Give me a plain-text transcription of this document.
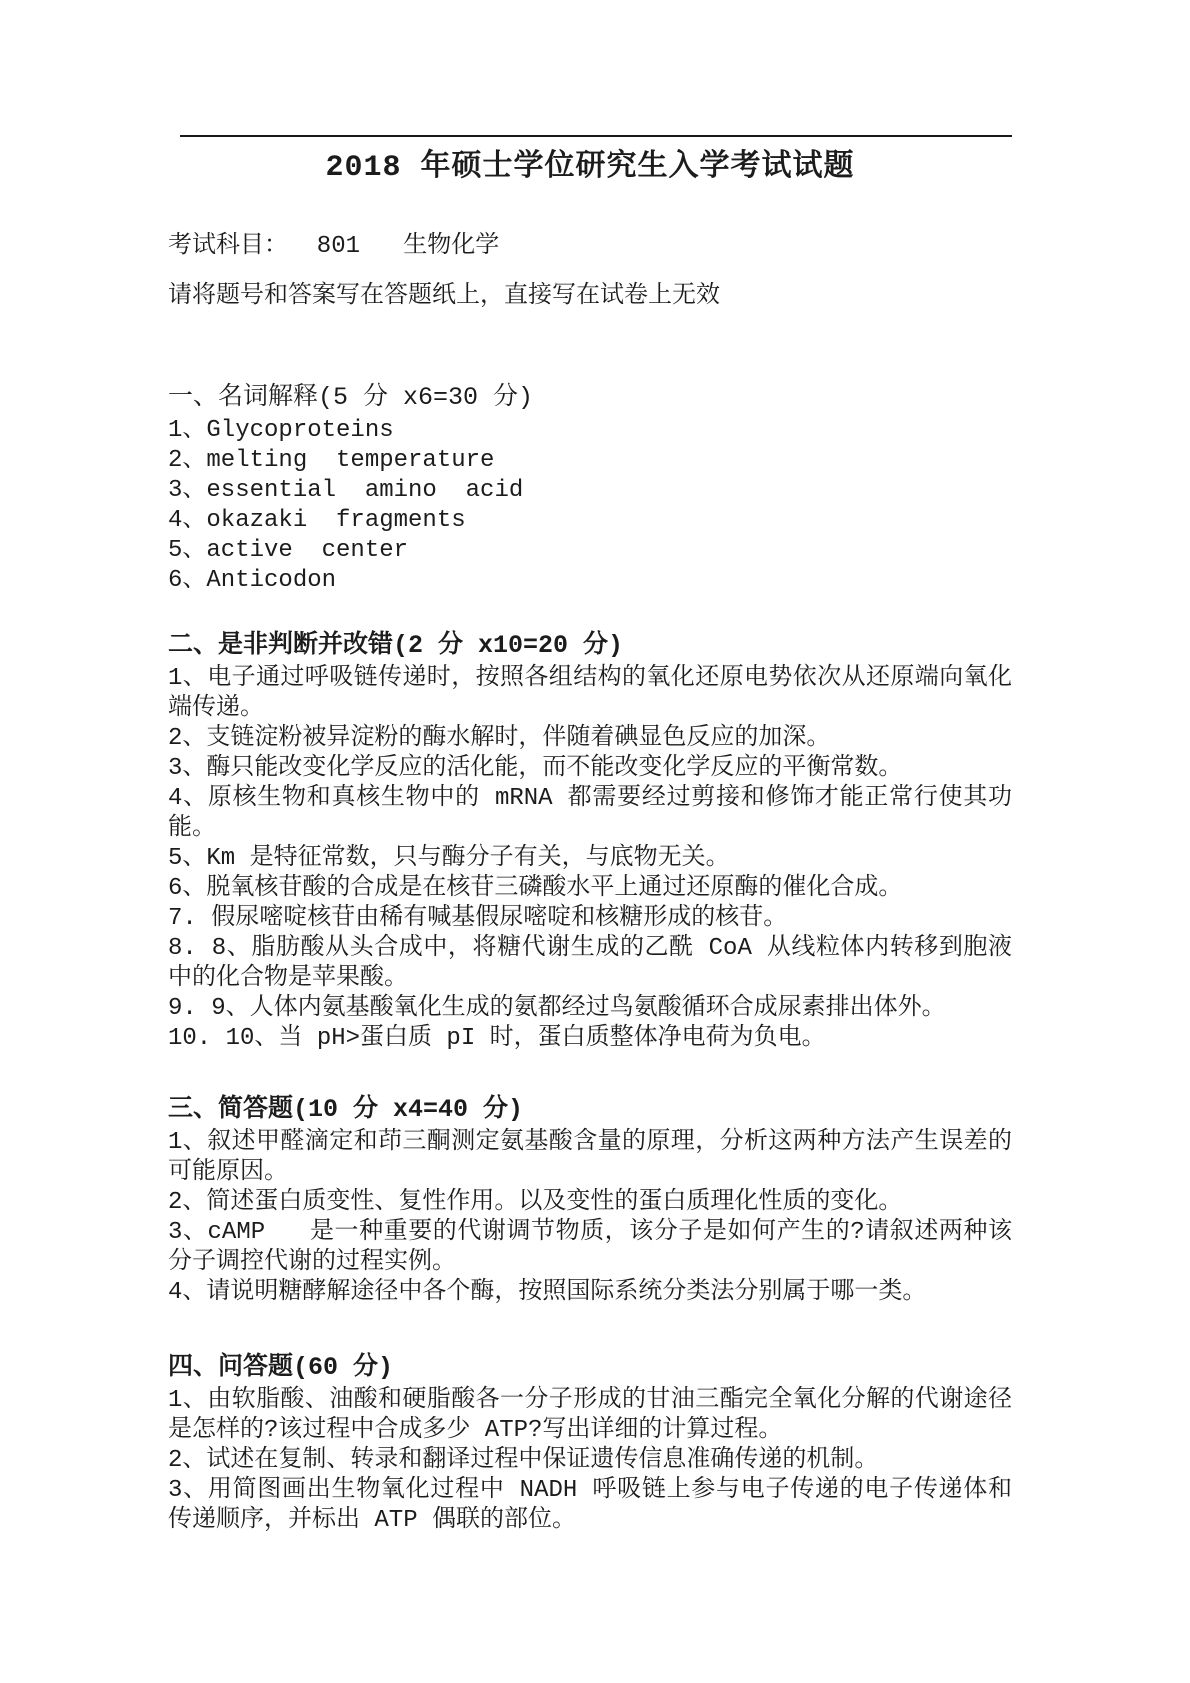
2018 年硕士学位研究生入学考试试题

考试科目：  801   生物化学

请将题号和答案写在答题纸上，直接写在试卷上无效

一、名词解释(5 分 x6=30 分)

1、Glycoproteins

2、melting  temperature

3、essential  amino  acid

4、okazaki  fragments

5、active  center

6、Anticodon

二、是非判断并改错(2 分 x10=20 分)

1、电子通过呼吸链传递时，按照各组结构的氧化还原电势依次从还原端向氧化端传递。

2、支链淀粉被异淀粉的酶水解时，伴随着碘显色反应的加深。

3、酶只能改变化学反应的活化能，而不能改变化学反应的平衡常数。

4、原核生物和真核生物中的 mRNA 都需要经过剪接和修饰才能正常行使其功能。

5、Km 是特征常数，只与酶分子有关，与底物无关。

6、脱氧核苷酸的合成是在核苷三磷酸水平上通过还原酶的催化合成。

7. 假尿嘧啶核苷由稀有喊基假尿嘧啶和核糖形成的核苷。

8. 8、脂肪酸从头合成中，将糖代谢生成的乙酰 CoA 从线粒体内转移到胞液中的化合物是苹果酸。

9. 9、人体内氨基酸氧化生成的氨都经过鸟氨酸循环合成尿素排出体外。

10. 10、当 pH>蛋白质 pI 时，蛋白质整体净电荷为负电。

三、简答题(10 分 x4=40 分)

1、叙述甲醛滴定和茚三酮测定氨基酸含量的原理，分析这两种方法产生误差的可能原因。

2、简述蛋白质变性、复性作用。以及变性的蛋白质理化性质的变化。

3、cAMP   是一种重要的代谢调节物质，该分子是如何产生的?请叙述两种该分子调控代谢的过程实例。

4、请说明糖酵解途径中各个酶，按照国际系统分类法分别属于哪一类。

四、问答题(60 分)

1、由软脂酸、油酸和硬脂酸各一分子形成的甘油三酯完全氧化分解的代谢途径是怎样的?该过程中合成多少 ATP?写出详细的计算过程。

2、试述在复制、转录和翻译过程中保证遗传信息准确传递的机制。

3、用简图画出生物氧化过程中 NADH 呼吸链上参与电子传递的电子传递体和传递顺序，并标出 ATP 偶联的部位。
